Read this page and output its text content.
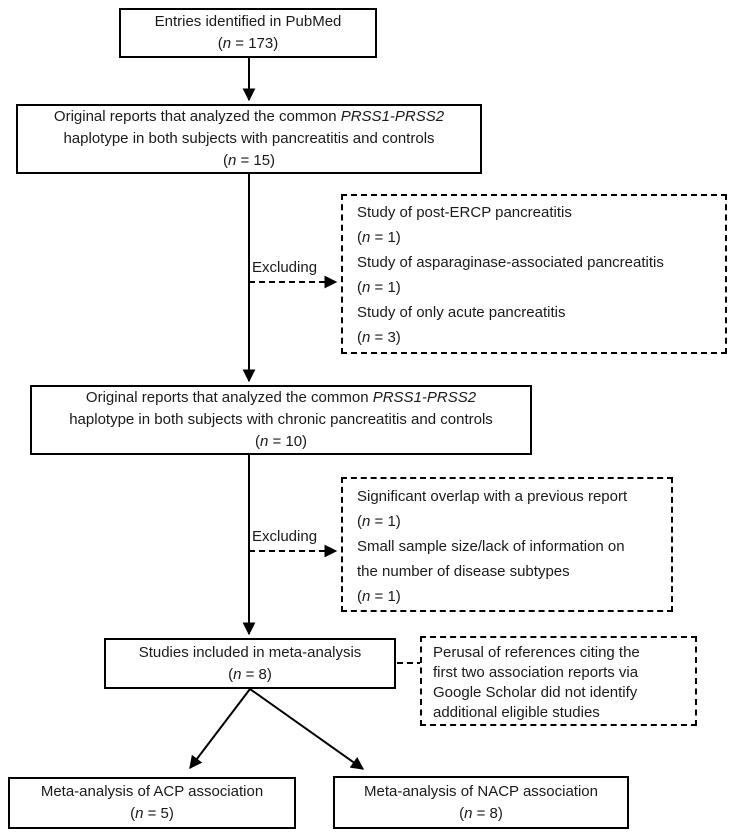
Entries identified in PubMed
(n = 173)
Original reports that analyzed the common PRSS1-PRSS2
haplotype in both subjects with pancreatitis and controls
(n = 15)
Study of post-ERCP pancreatitis
(n = 1)
Study of asparaginase-associated pancreatitis
(n = 1)
Study of only acute pancreatitis
(n = 3)
Excluding
Original reports that analyzed the common PRSS1-PRSS2
haplotype in both subjects with chronic pancreatitis and controls
(n = 10)
Significant overlap with a previous report
(n = 1)
Small sample size/lack of information on
the number of disease subtypes
(n = 1)
Excluding
Studies included in meta-analysis
(n = 8)
Perusal of references citing the
first two association reports via
Google Scholar did not identify
additional eligible studies
Meta-analysis of ACP association
(n = 5)
Meta-analysis of NACP association
(n = 8)
